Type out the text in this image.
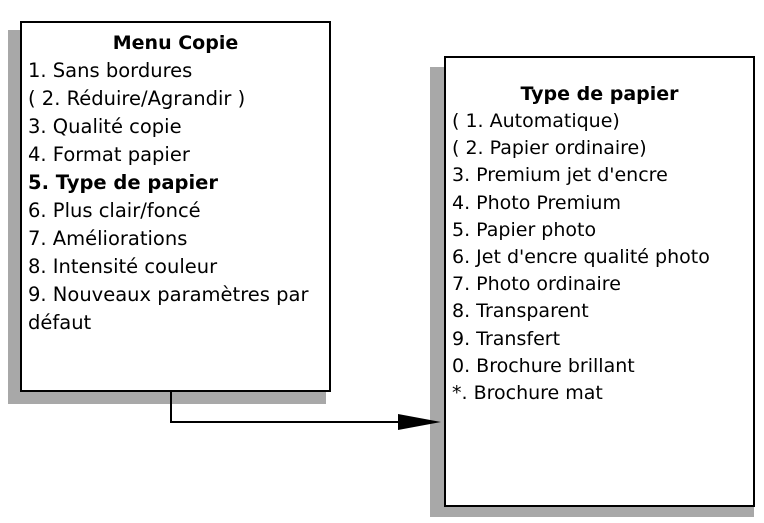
Menu Copie
1. Sans bordures
( 2. Réduire/Agrandir )
3. Qualité copie
4. Format papier
5. Type de papier
6. Plus clair/foncé
7. Améliorations
8. Intensité couleur
9. Nouveaux paramètres par défaut
Type de papier
( 1. Automatique)
( 2. Papier ordinaire)
3. Premium jet d'encre
4. Photo Premium
5. Papier photo
6. Jet d'encre qualité photo
7. Photo ordinaire
8. Transparent
9. Transfert
0. Brochure brillant
*. Brochure mat
